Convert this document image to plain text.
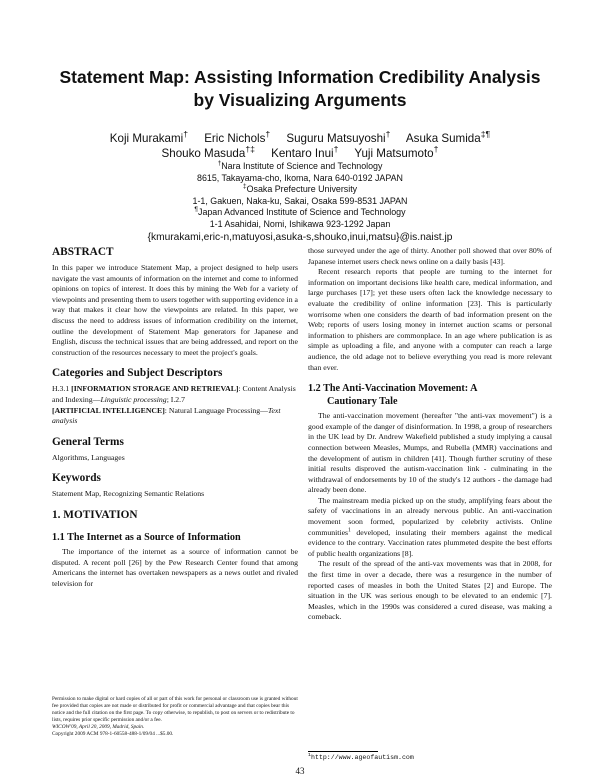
Statement Map: Assisting Information Credibility Analysis
by Visualizing Arguments
Koji Murakami† Eric Nichols† Suguru Matsuyoshi† Asuka Sumida‡¶
Shouko Masuda†‡ Kentaro Inui† Yuji Matsumoto†
†Nara Institute of Science and Technology
8615, Takayama-cho, Ikoma, Nara 640-0192 JAPAN
‡Osaka Prefecture University
1-1, Gakuen, Naka-ku, Sakai, Osaka 599-8531 JAPAN
¶Japan Advanced Institute of Science and Technology
1-1 Asahidai, Nomi, Ishikawa 923-1292 Japan
{kmurakami,eric-n,matuyosi,asuka-s,shouko,inui,matsu}@is.naist.jp
ABSTRACT

In this paper we introduce Statement Map, a project designed to help users navigate the vast amounts of information on the internet and come to informed opinions on topics of interest. It does this by mining the Web for a variety of viewpoints and presenting them to users together with supporting evidence in a way that makes it clear how the viewpoints are related. In this paper, we discuss the need to address issues of information credibility on the internet, outline the development of Statement Map generators for Japanese and English, discuss the technical issues that are being addressed, and report on the construction of the resources necessary to meet the project's goals.

Categories and Subject Descriptors

H.3.1 [INFORMATION STORAGE AND RETRIEVAL]: Content Analysis and Indexing—Linguistic processing; I.2.7
[ARTIFICIAL INTELLIGENCE]: Natural Language Processing—Text analysis

General Terms

Algorithms, Languages

Keywords

Statement Map, Recognizing Semantic Relations

1. MOTIVATION
1.1 The Internet as a Source of Information

The importance of the internet as a source of information cannot be disputed. A recent poll [26] by the Pew Research Center found that among Americans the internet has overtaken newspapers as a news outlet and rivaled television for

Permission to make digital or hard copies of all or part of this work for personal or classroom use is granted without fee provided that copies are not made or distributed for profit or commercial advantage and that copies bear this notice and the full citation on the first page. To copy otherwise, to republish, to post on servers or to redistribute to lists, requires prior specific permission and/or a fee.
WICOW'09, April 20, 2009, Madrid, Spain.
Copyright 2009 ACM 978-1-60558-488-1/09/04 ...$5.00.

those surveyed under the age of thirty. Another poll showed that over 80% of Japanese internet users check news online on a daily basis [43].

Recent research reports that people are turning to the internet for information on important decisions like health care, medical information, and large purchases [17]; yet these users often lack the knowledge necessary to evaluate the credibility of online information [23]. This is particularly worrisome when one considers the dearth of bad information present on the Web; reports of users losing money in internet auction scams or personal information to phishers are commonplace. In an age where publication is as simple as uploading a file, and anyone with a computer can reach a large audience, the old adage not to believe everything you read is more relevant than ever.

1.2 The Anti-Vaccination Movement: A
Cautionary Tale

The anti-vaccination movement (hereafter "the anti-vax movement") is a good example of the danger of disinformation. In 1998, a group of researchers in the UK lead by Dr. Andrew Wakefield published a study implying a causal connection between Measles, Mumps, and Rubella (MMR) vaccinations and the development of autism in children [41]. Though further scrutiny of these initial results disproved the autism-vaccination link - culminating in the withdrawal of endorsements by 10 of the study's 12 authors - the damage had already been done.

The mainstream media picked up on the study, amplifying fears about the safety of vaccinations in an already nervous public. An anti-vaccination movement soon formed, popularized by celebrity activists. Online communities$^1$ developed, insulating their members against the medical evidence to the contrary. Vaccination rates plummeted despite the best efforts of public health organizations [8].

The result of the spread of the anti-vax movements was that in 2008, for the first time in over a decade, there was a resurgence in the number of reported cases of measles in both the United States [2] and Europe. The situation in the UK was serious enough to be elevated to an endemic [7]. Measles, which in the 1990s was considered a cured disease, was making a comeback.

$^1$http://www.ageofautism.com
43
